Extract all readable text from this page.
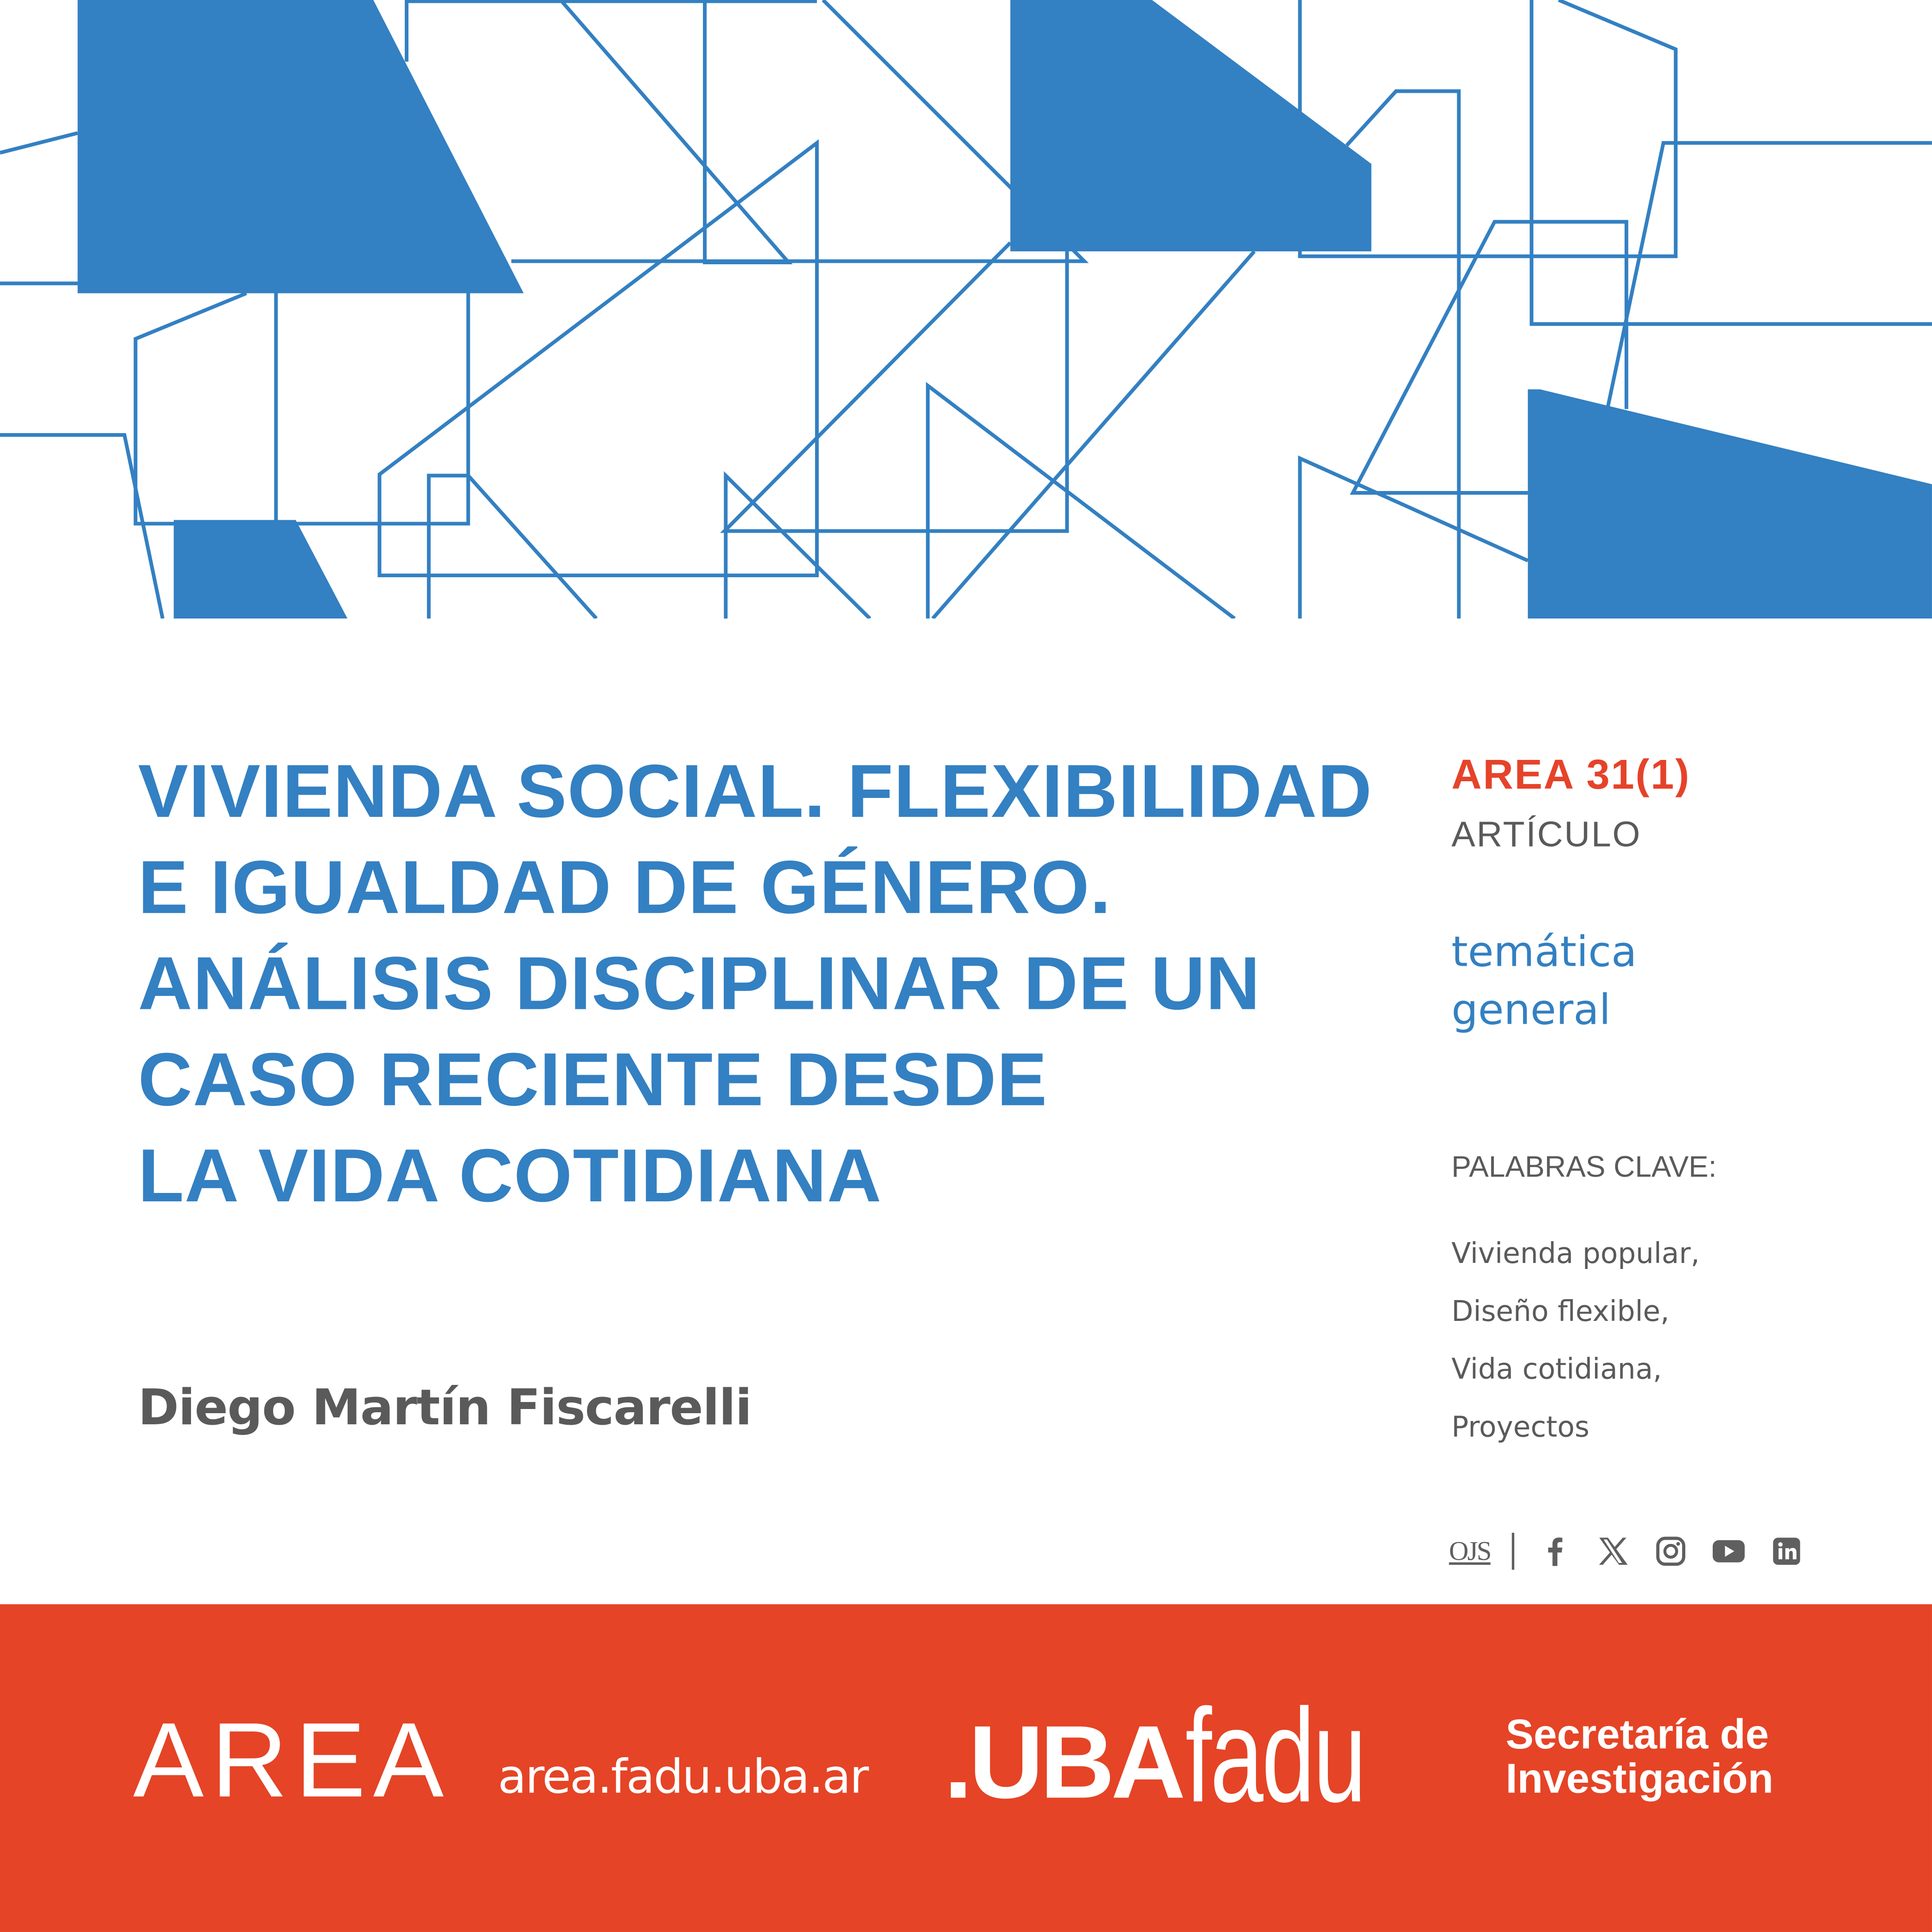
VIVIENDA SOCIAL. FLEXIBILIDAD
E IGUALDAD DE GÉNERO.
ANÁLISIS DISCIPLINAR DE UN
CASO RECIENTE DESDE
LA VIDA COTIDIANA
Diego Martín Fiscarelli
AREA 31(1)
ARTÍCULO
temática
general
PALABRAS CLAVE:
Vivienda popular,
Diseño flexible,
Vida cotidiana,
Proyectos
OJS
AREA	area.fadu.uba.ar .UBA fadu	Secretaría de
Investigación
